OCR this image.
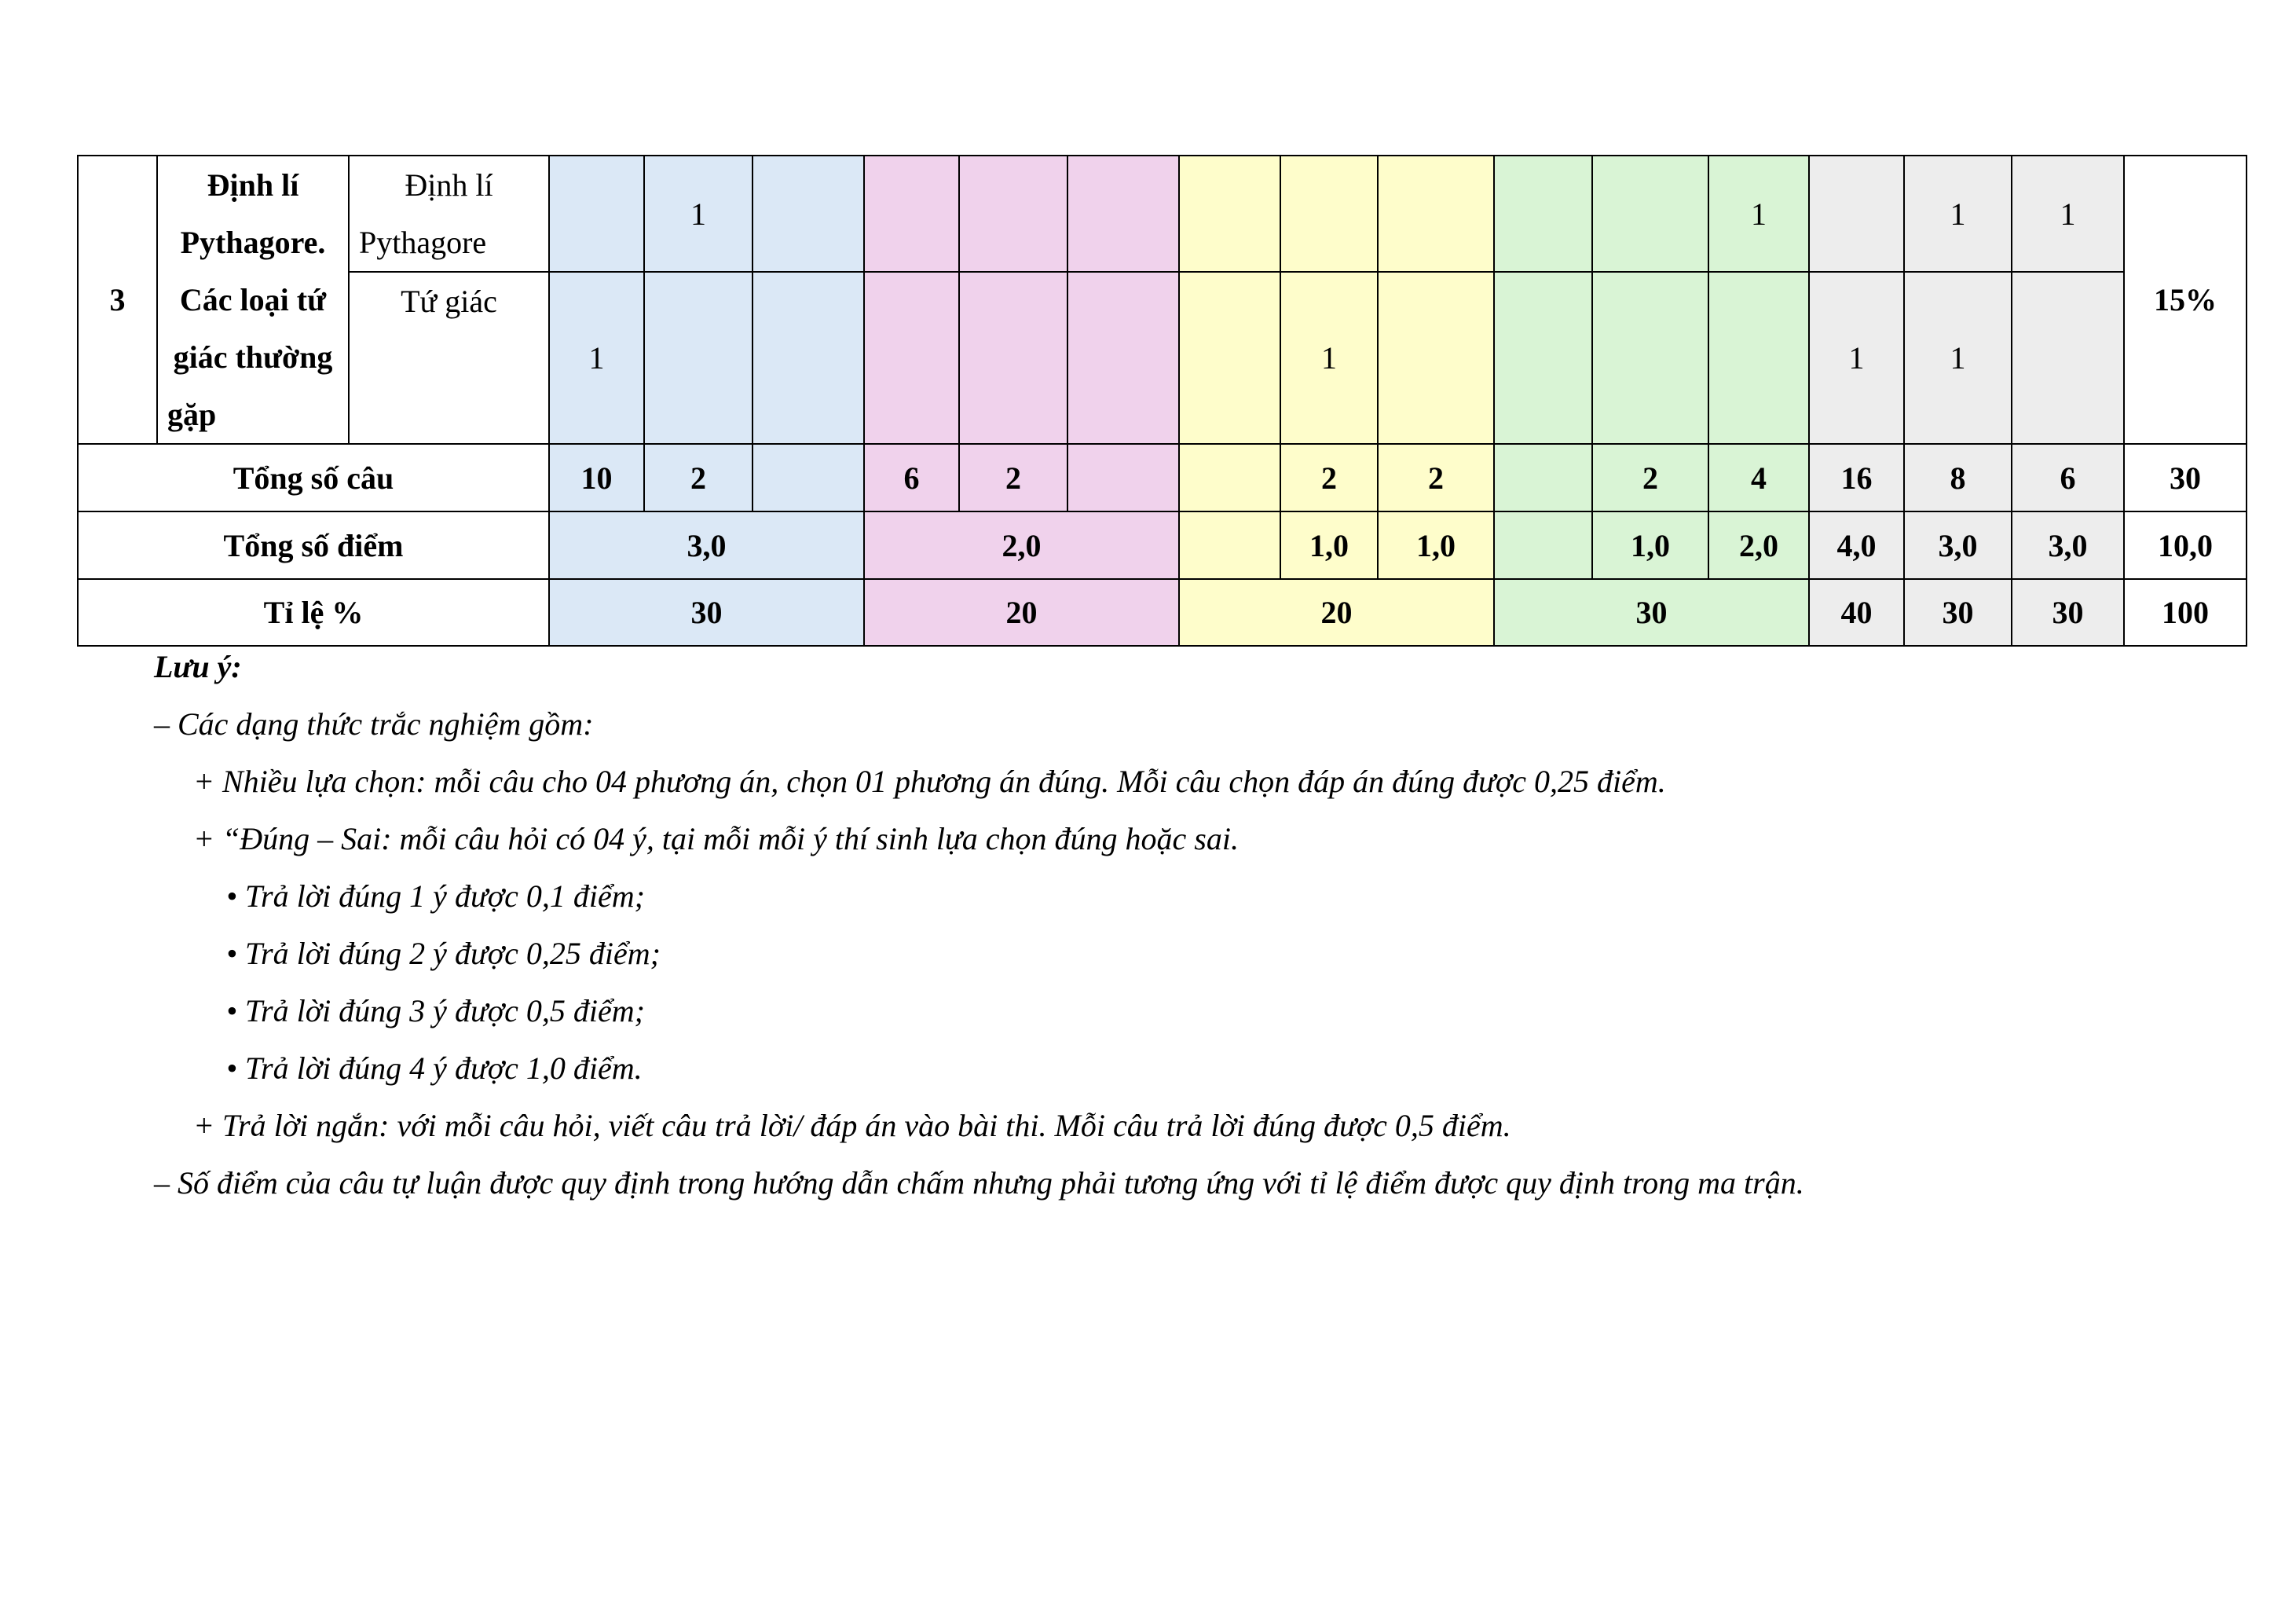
3	Định lí Pythagore. Các loại tứ giác thường gặp	Định lí Pythagore		1										1		1	1	15%
		Tứ giác	1							1					1	1		
Tổng số câu			10	2		6	2			2	2		2	4	16	8	6	30
Tổng số điểm			3,0			2,0				1,0	1,0		1,0	2,0	4,0	3,0	3,0	10,0
Tỉ lệ %			30			20			20			30			40	30	30	100
Lưu ý:
– Các dạng thức trắc nghiệm gồm:
+ Nhiều lựa chọn: mỗi câu cho 04 phương án, chọn 01 phương án đúng. Mỗi câu chọn đáp án đúng được 0,25 điểm.
+ “Đúng – Sai: mỗi câu hỏi có 04 ý, tại mỗi mỗi ý thí sinh lựa chọn đúng hoặc sai.
• Trả lời đúng 1 ý được 0,1 điểm;
• Trả lời đúng 2 ý được 0,25 điểm;
• Trả lời đúng 3 ý được 0,5 điểm;
• Trả lời đúng 4 ý được 1,0 điểm.
+ Trả lời ngắn: với mỗi câu hỏi, viết câu trả lời/ đáp án vào bài thi. Mỗi câu trả lời đúng được 0,5 điểm.
– Số điểm của câu tự luận được quy định trong hướng dẫn chấm nhưng phải tương ứng với tỉ lệ điểm được quy định trong ma trận.
